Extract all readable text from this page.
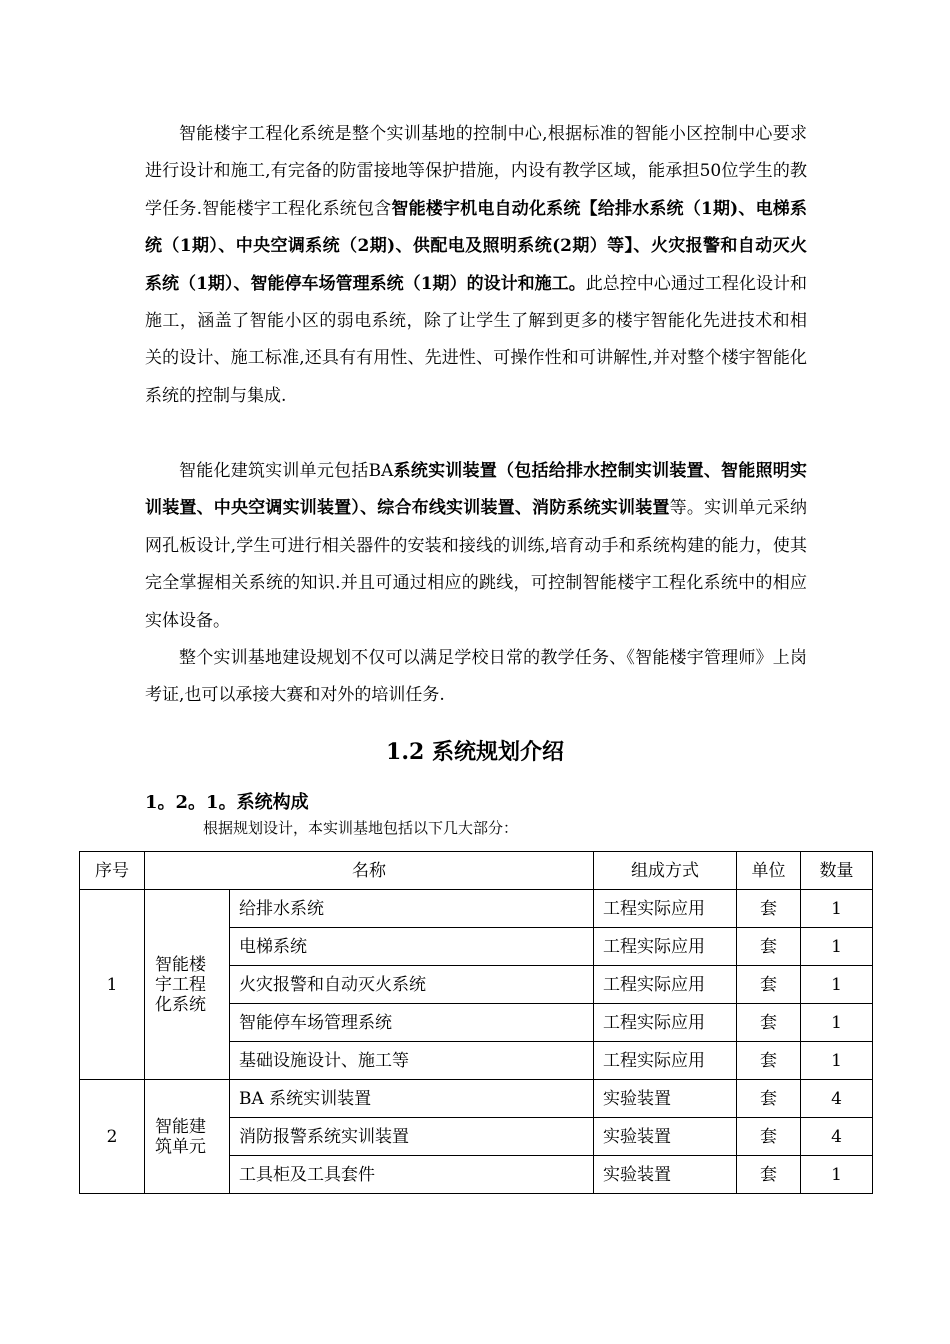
智能楼宇工程化系统是整个实训基地的控制中心,根据标准的智能小区控制中心要求进行设计和施工,有完备的防雷接地等保护措施，内设有教学区域，能承担50位学生的教学任务.智能楼宇工程化系统包含智能楼宇机电自动化系统【给排水系统（1期)、电梯系统（1期）、中央空调系统（2期)、供配电及照明系统(2期）等】、火灾报警和自动灭火系统（1期）、智能停车场管理系统（1期）的设计和施工。此总控中心通过工程化设计和施工，涵盖了智能小区的弱电系统，除了让学生了解到更多的楼宇智能化先进技术和相关的设计、施工标准,还具有有用性、先进性、可操作性和可讲解性,并对整个楼宇智能化系统的控制与集成.

智能化建筑实训单元包括BA系统实训装置（包括给排水控制实训装置、智能照明实训装置、中央空调实训装置）、综合布线实训装置、消防系统实训装置等。实训单元采纳网孔板设计,学生可进行相关器件的安装和接线的训练,培育动手和系统构建的能力，使其完全掌握相关系统的知识.并且可通过相应的跳线，可控制智能楼宇工程化系统中的相应实体设备。

整个实训基地建设规划不仅可以满足学校日常的教学任务、《智能楼宇管理师》上岗考证,也可以承接大赛和对外的培训任务.

1.2 系统规划介绍
1。2。1。系统构成

根据规划设计，本实训基地包括以下几大部分：

序号	名称		组成方式	单位	数量
1	智能楼宇工程化系统	给排水系统	工程实际应用	套	1
		电梯系统	工程实际应用	套	1
		火灾报警和自动灭火系统	工程实际应用	套	1
		智能停车场管理系统	工程实际应用	套	1
		基础设施设计、施工等	工程实际应用	套	1
2	智能建筑单元	BA 系统实训装置	实验装置	套	4
		消防报警系统实训装置	实验装置	套	4
		工具柜及工具套件	实验装置	套	1
